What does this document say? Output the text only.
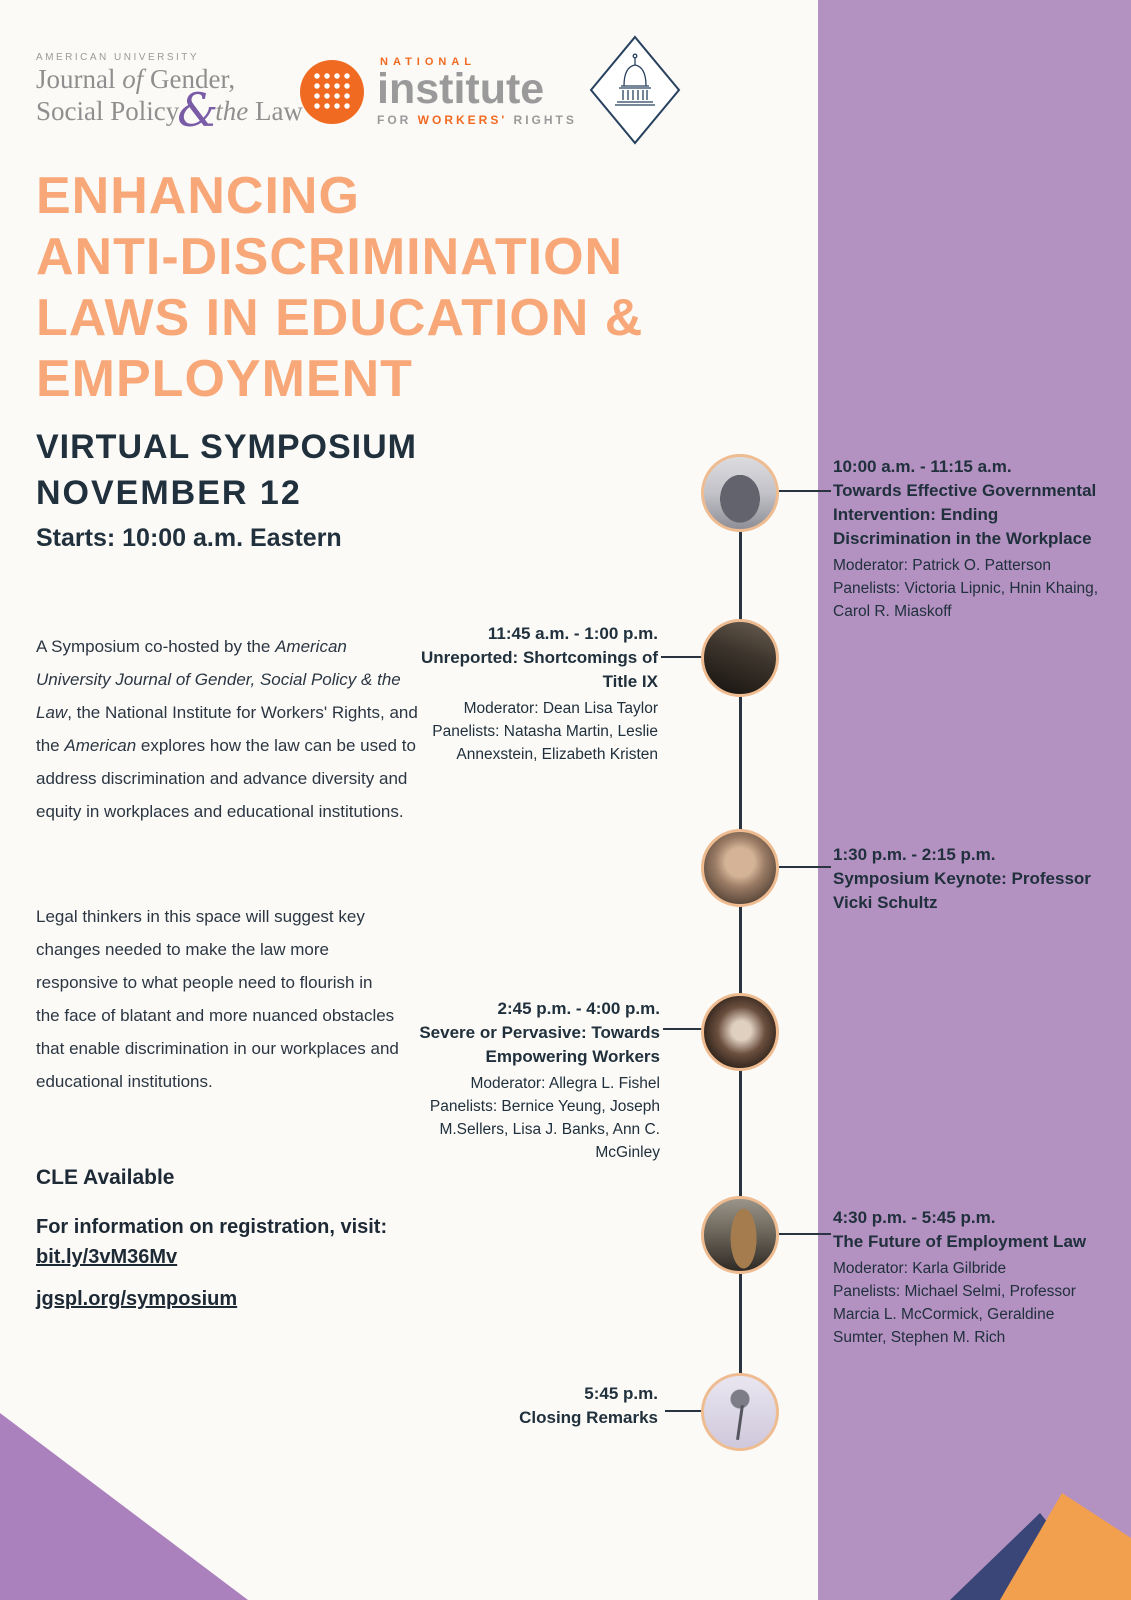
AMERICAN UNIVERSITY
Journal of Gender,
Social Policy&the Law
NATIONAL
institute
FOR WORKERS' RIGHTS
ENHANCING
ANTI-DISCRIMINATION
LAWS IN EDUCATION &
EMPLOYMENT
VIRTUAL SYMPOSIUM
NOVEMBER 12
Starts: 10:00 a.m. Eastern
A Symposium co-hosted by the American University Journal of Gender, Social Policy & the Law, the National Institute for Workers' Rights, and the American explores how the law can be used to address discrimination and advance diversity and equity in workplaces and educational institutions.
Legal thinkers in this space will suggest key changes needed to make the law more responsive to what people need to flourish in the face of blatant and more nuanced obstacles that enable discrimination in our workplaces and educational institutions.
CLE Available
For information on registration, visit: bit.ly/3vM36Mv
jgspl.org/symposium
10:00 a.m. - 11:15 a.m.
Towards Effective Governmental Intervention: Ending Discrimination in the Workplace
Moderator: Patrick O. Patterson
Panelists: Victoria Lipnic, Hnin Khaing, Carol R. Miaskoff
11:45 a.m. - 1:00 p.m.
Unreported: Shortcomings of Title IX
Moderator: Dean Lisa Taylor
Panelists: Natasha Martin, Leslie Annexstein, Elizabeth Kristen
1:30 p.m. - 2:15 p.m.
Symposium Keynote: Professor Vicki Schultz
2:45 p.m. - 4:00 p.m.
Severe or Pervasive: Towards Empowering Workers
Moderator: Allegra L. Fishel
Panelists: Bernice Yeung, Joseph M.Sellers, Lisa J. Banks, Ann C. McGinley
4:30 p.m. - 5:45 p.m.
The Future of Employment Law
Moderator: Karla Gilbride
Panelists: Michael Selmi, Professor Marcia L. McCormick, Geraldine Sumter, Stephen M. Rich
5:45 p.m.
Closing Remarks
